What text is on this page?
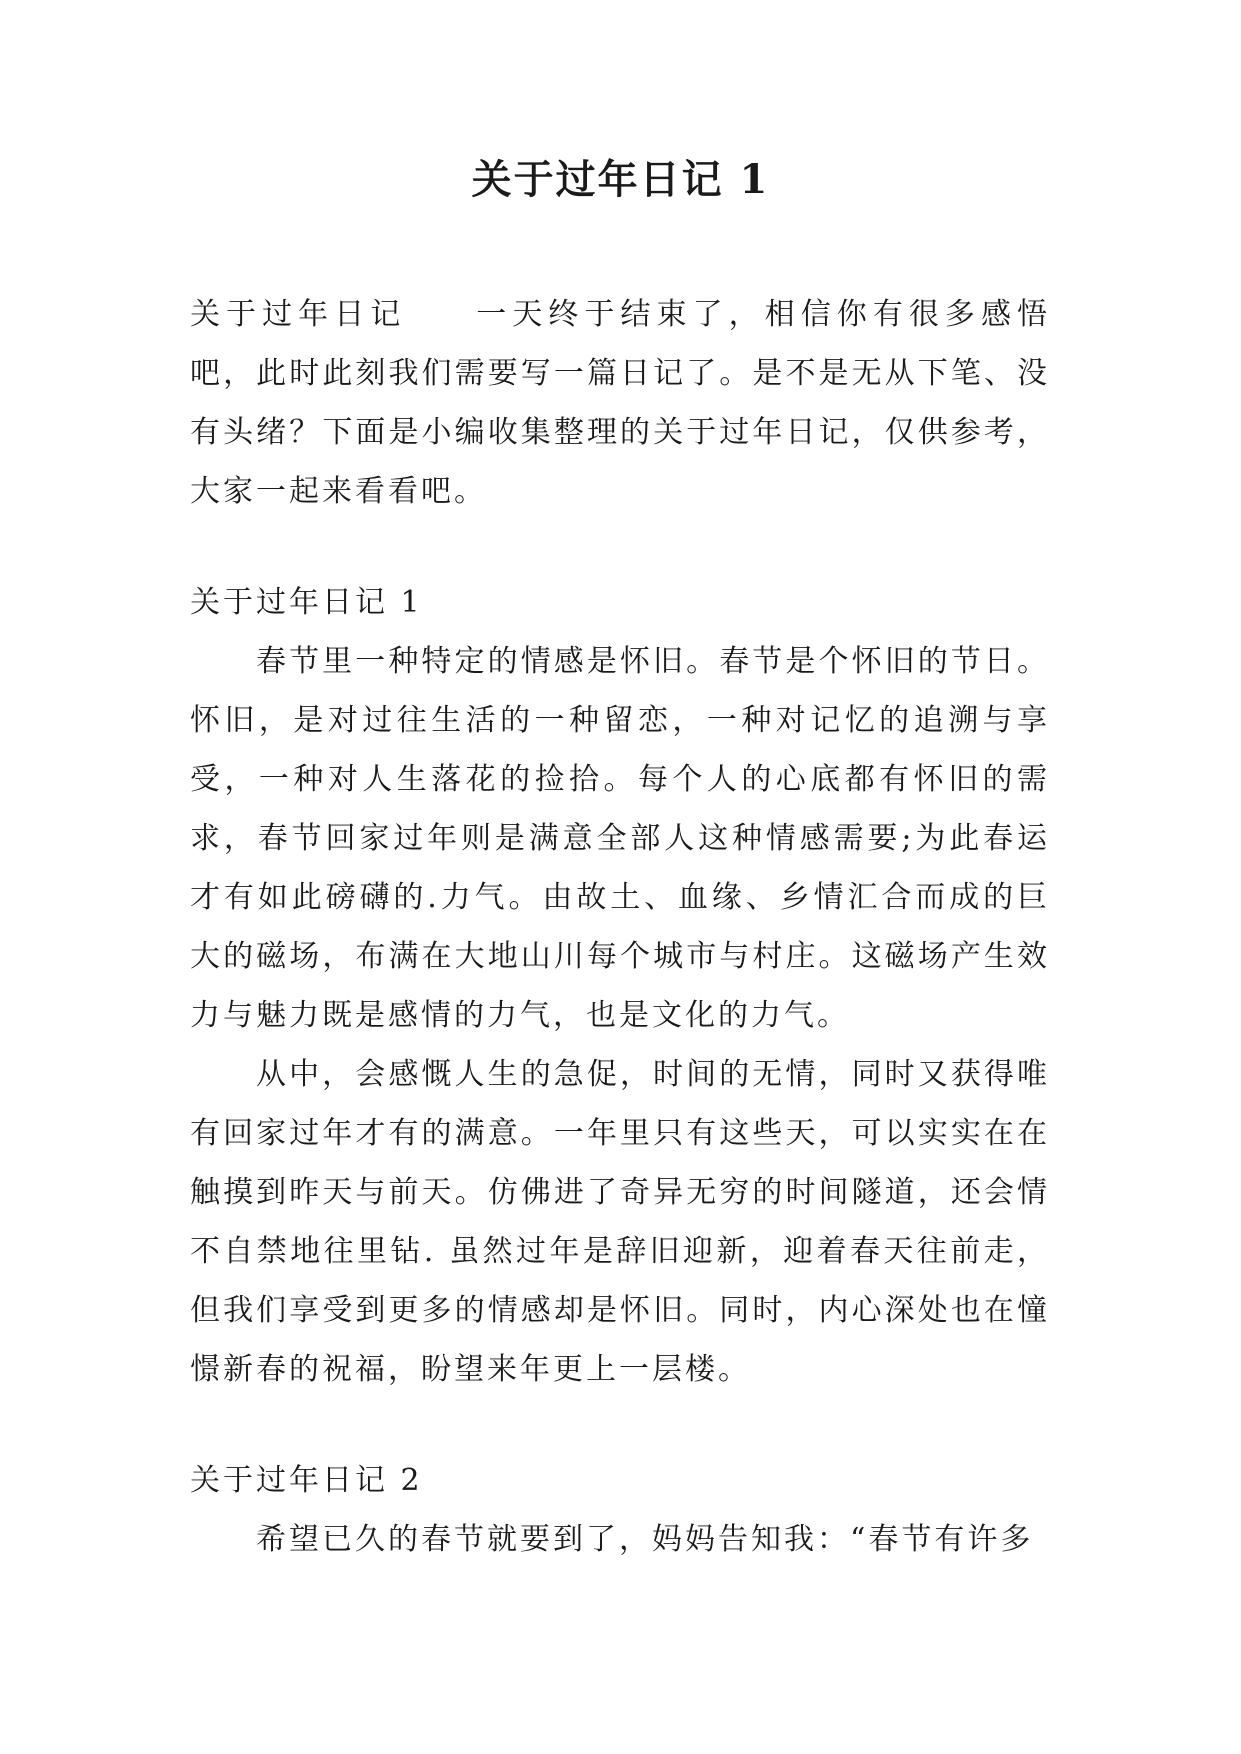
关于过年日记 1

关于过年日记 一天终于结束了，相信你有很多感悟吧，此时此刻我们需要写一篇日记了。是不是无从下笔、没有头绪？下面是小编收集整理的关于过年日记，仅供参考，大家一起来看看吧。

关于过年日记 1

春节里一种特定的情感是怀旧。春节是个怀旧的节日。怀旧，是对过往生活的一种留恋，一种对记忆的追溯与享受，一种对人生落花的捡拾。每个人的心底都有怀旧的需求，春节回家过年则是满意全部人这种情感需要;为此春运才有如此磅礴的.力气。由故土、血缘、乡情汇合而成的巨大的磁场，布满在大地山川每个城市与村庄。这磁场产生效力与魅力既是感情的力气，也是文化的力气。

从中，会感慨人生的急促，时间的无情，同时又获得唯有回家过年才有的满意。一年里只有这些天，可以实实在在触摸到昨天与前天。仿佛进了奇异无穷的时间隧道，还会情不自禁地往里钻. 虽然过年是辞旧迎新，迎着春天往前走，但我们享受到更多的情感却是怀旧。同时，内心深处也在憧憬新春的祝福，盼望来年更上一层楼。

关于过年日记 2

希望已久的春节就要到了，妈妈告知我：“春节有许多
